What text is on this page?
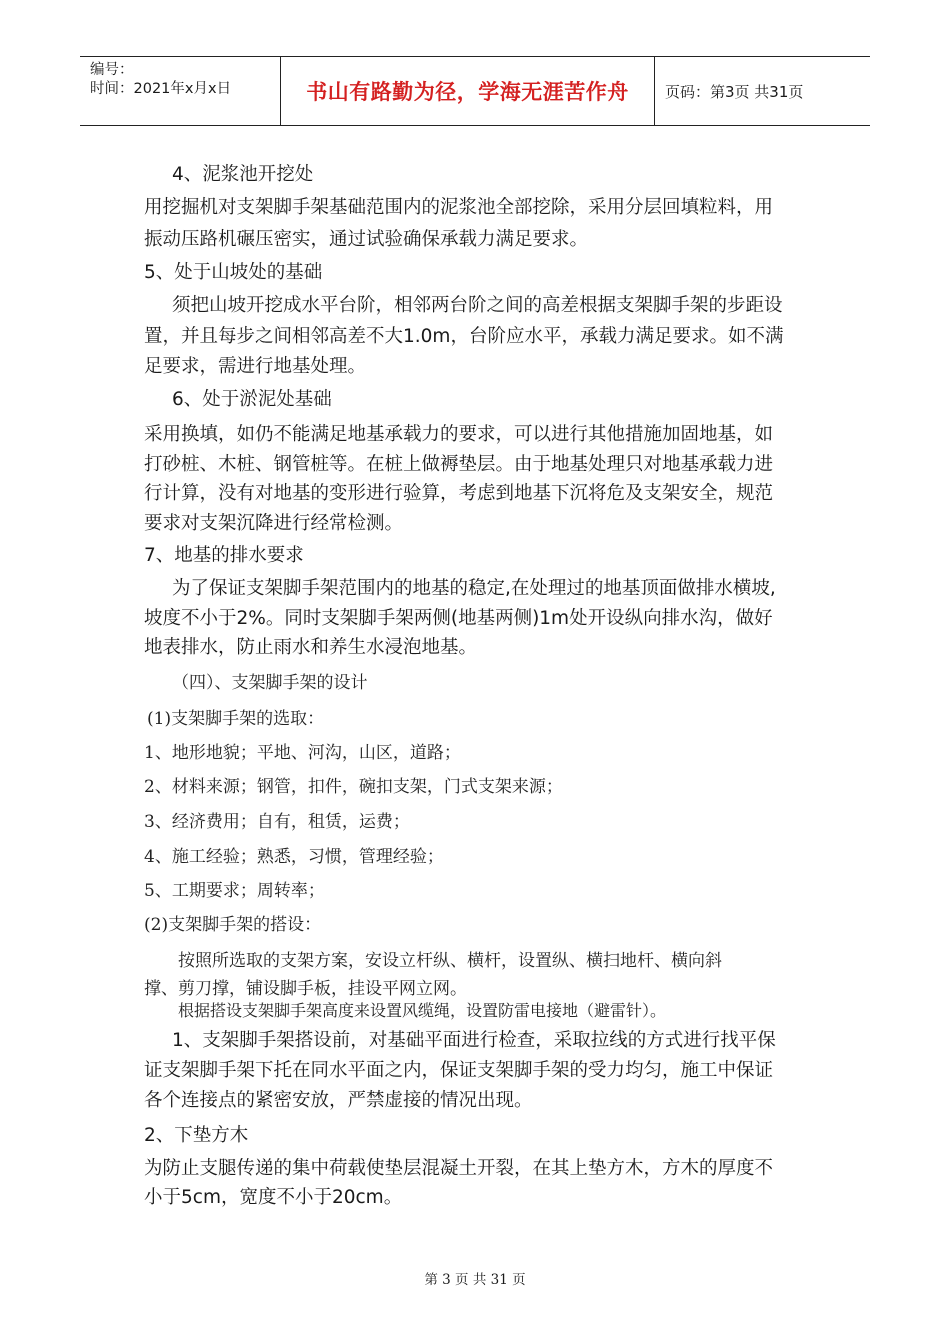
编号：
时间：2021年x月x日	书山有路勤为径，学海无涯苦作舟	页码：第3页 共31页
4、泥浆池开挖处
用挖掘机对支架脚手架基础范围内的泥浆池全部挖除，采用分层回填粒料，用
振动压路机碾压密实，通过试验确保承载力满足要求。
5、处于山坡处的基础
须把山坡开挖成水平台阶，相邻两台阶之间的高差根据支架脚手架的步距设
置，并且每步之间相邻高差不大1.0m，台阶应水平，承载力满足要求。如不满
足要求，需进行地基处理。
6、处于淤泥处基础
采用换填，如仍不能满足地基承载力的要求，可以进行其他措施加固地基，如
打砂桩、木桩、钢管桩等。在桩上做褥垫层。由于地基处理只对地基承载力进
行计算，没有对地基的变形进行验算，考虑到地基下沉将危及支架安全，规范
要求对支架沉降进行经常检测。
7、地基的排水要求
为了保证支架脚手架范围内的地基的稳定,在处理过的地基顶面做排水横坡,
坡度不小于2%。同时支架脚手架两侧(地基两侧)1m处开设纵向排水沟，做好
地表排水，防止雨水和养生水浸泡地基。
（四）、支架脚手架的设计
(1)支架脚手架的选取：
1、地形地貌；平地、河沟，山区，道路；
2、材料来源；钢管，扣件，碗扣支架，门式支架来源；
3、经济费用；自有，租赁，运费；
4、施工经验；熟悉，习惯，管理经验；
5、工期要求；周转率；
(2)支架脚手架的搭设：
按照所选取的支架方案，安设立杆纵、横杆，设置纵、横扫地杆、横向斜
撑、剪刀撑，铺设脚手板，挂设平网立网。
根据搭设支架脚手架高度来设置风缆绳，设置防雷电接地（避雷针）。
1、支架脚手架搭设前，对基础平面进行检查，采取拉线的方式进行找平保
证支架脚手架下托在同水平面之内，保证支架脚手架的受力均匀，施工中保证
各个连接点的紧密安放，严禁虚接的情况出现。
2、下垫方木
为防止支腿传递的集中荷载使垫层混凝土开裂，在其上垫方木，方木的厚度不
小于5cm，宽度不小于20cm。
第 3 页 共 31 页
